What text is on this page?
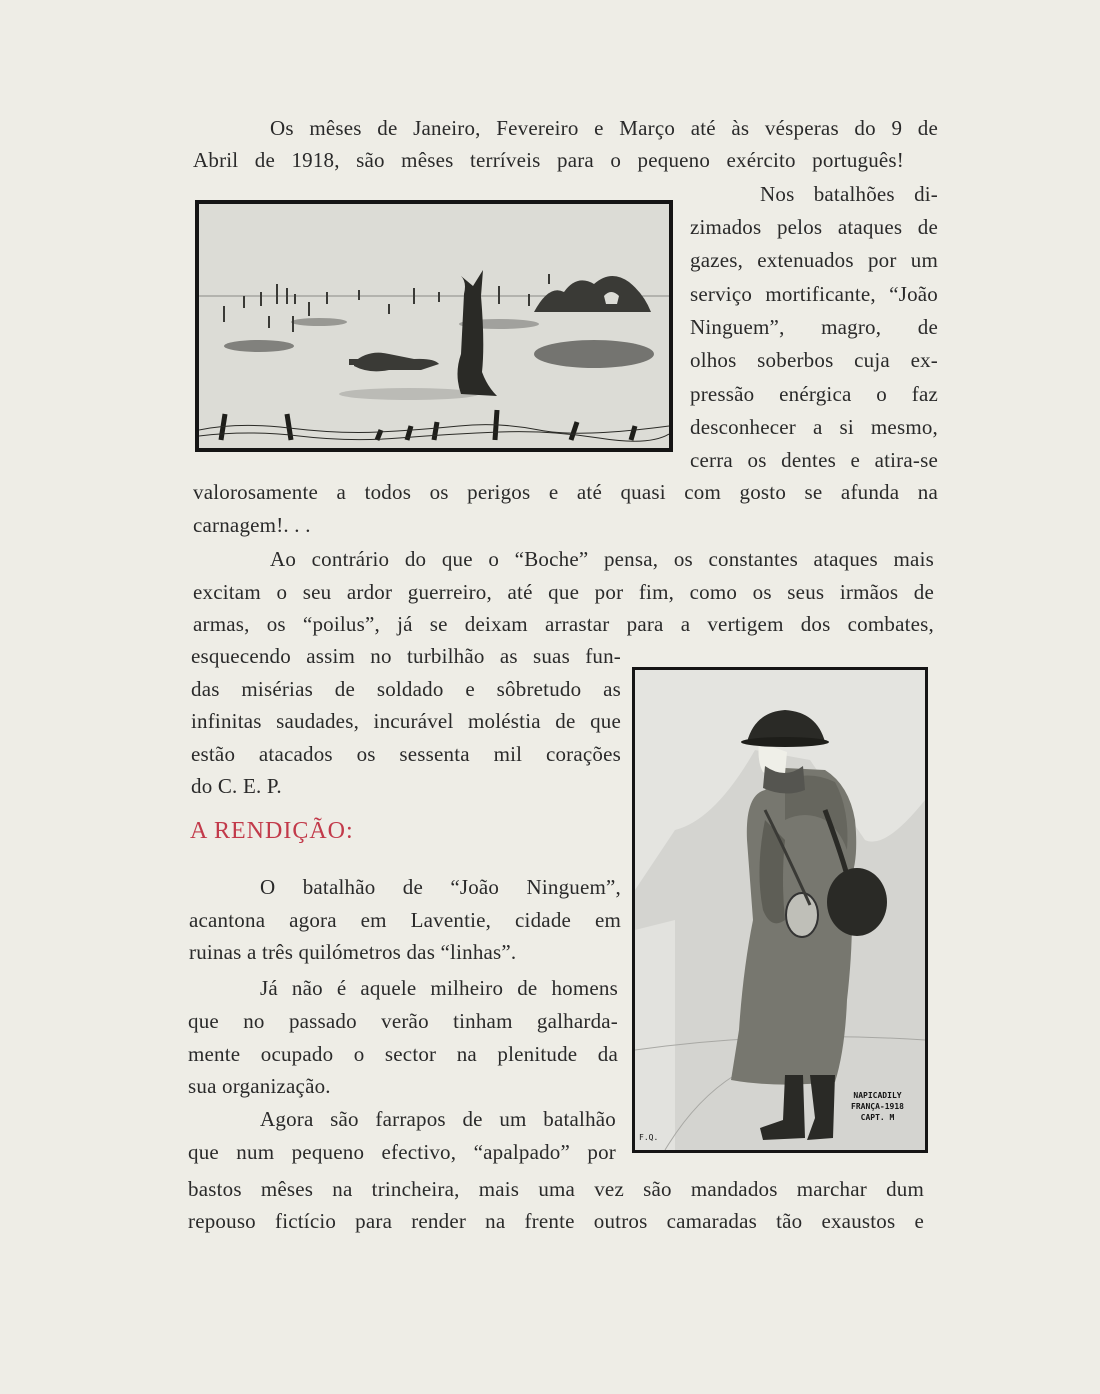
Os mêses de Janeiro, Fevereiro e Março até às vésperas do 9 de
Abril de 1918, são mêses terríveis para o pequeno exército português!
Nos batalhões di-
zimados pelos ataques de
gazes, extenuados por um
serviço mortificante, “João
Ninguem”, magro, de
olhos soberbos cuja ex-
pressão enérgica o faz
desconhecer a si mesmo,
cerra os dentes e atira-se
valorosamente a todos os perigos e até quasi com gosto se afunda na
carnagem!. . .
Ao contrário do que o “Boche” pensa, os constantes ataques mais
excitam o seu ardor guerreiro, até que por fim, como os seus irmãos de
armas, os “poilus”, já se deixam arrastar para a vertigem dos combates,
esquecendo assim no turbilhão as suas fun-
das misérias de soldado e sôbretudo as
infinitas saudades, incurável moléstia de que
estão atacados os sessenta mil corações
do C. E. P.
A RENDIÇÃO:
O batalhão de “João Ninguem”,
acantona agora em Laventie, cidade em
ruinas a três quilómetros das “linhas”.
Já não é aquele milheiro de homens
que no passado verão tinham galharda-
mente ocupado o sector na plenitude da
sua organização.
Agora são farrapos de um batalhão
que num pequeno efectivo, “apalpado” por
bastos mêses na trincheira, mais uma vez são mandados marchar dum
repouso fictício para render na frente outros camaradas tão exaustos e
NAPICADILY
FRANÇA-1918
CAPT. M
F.Q.
